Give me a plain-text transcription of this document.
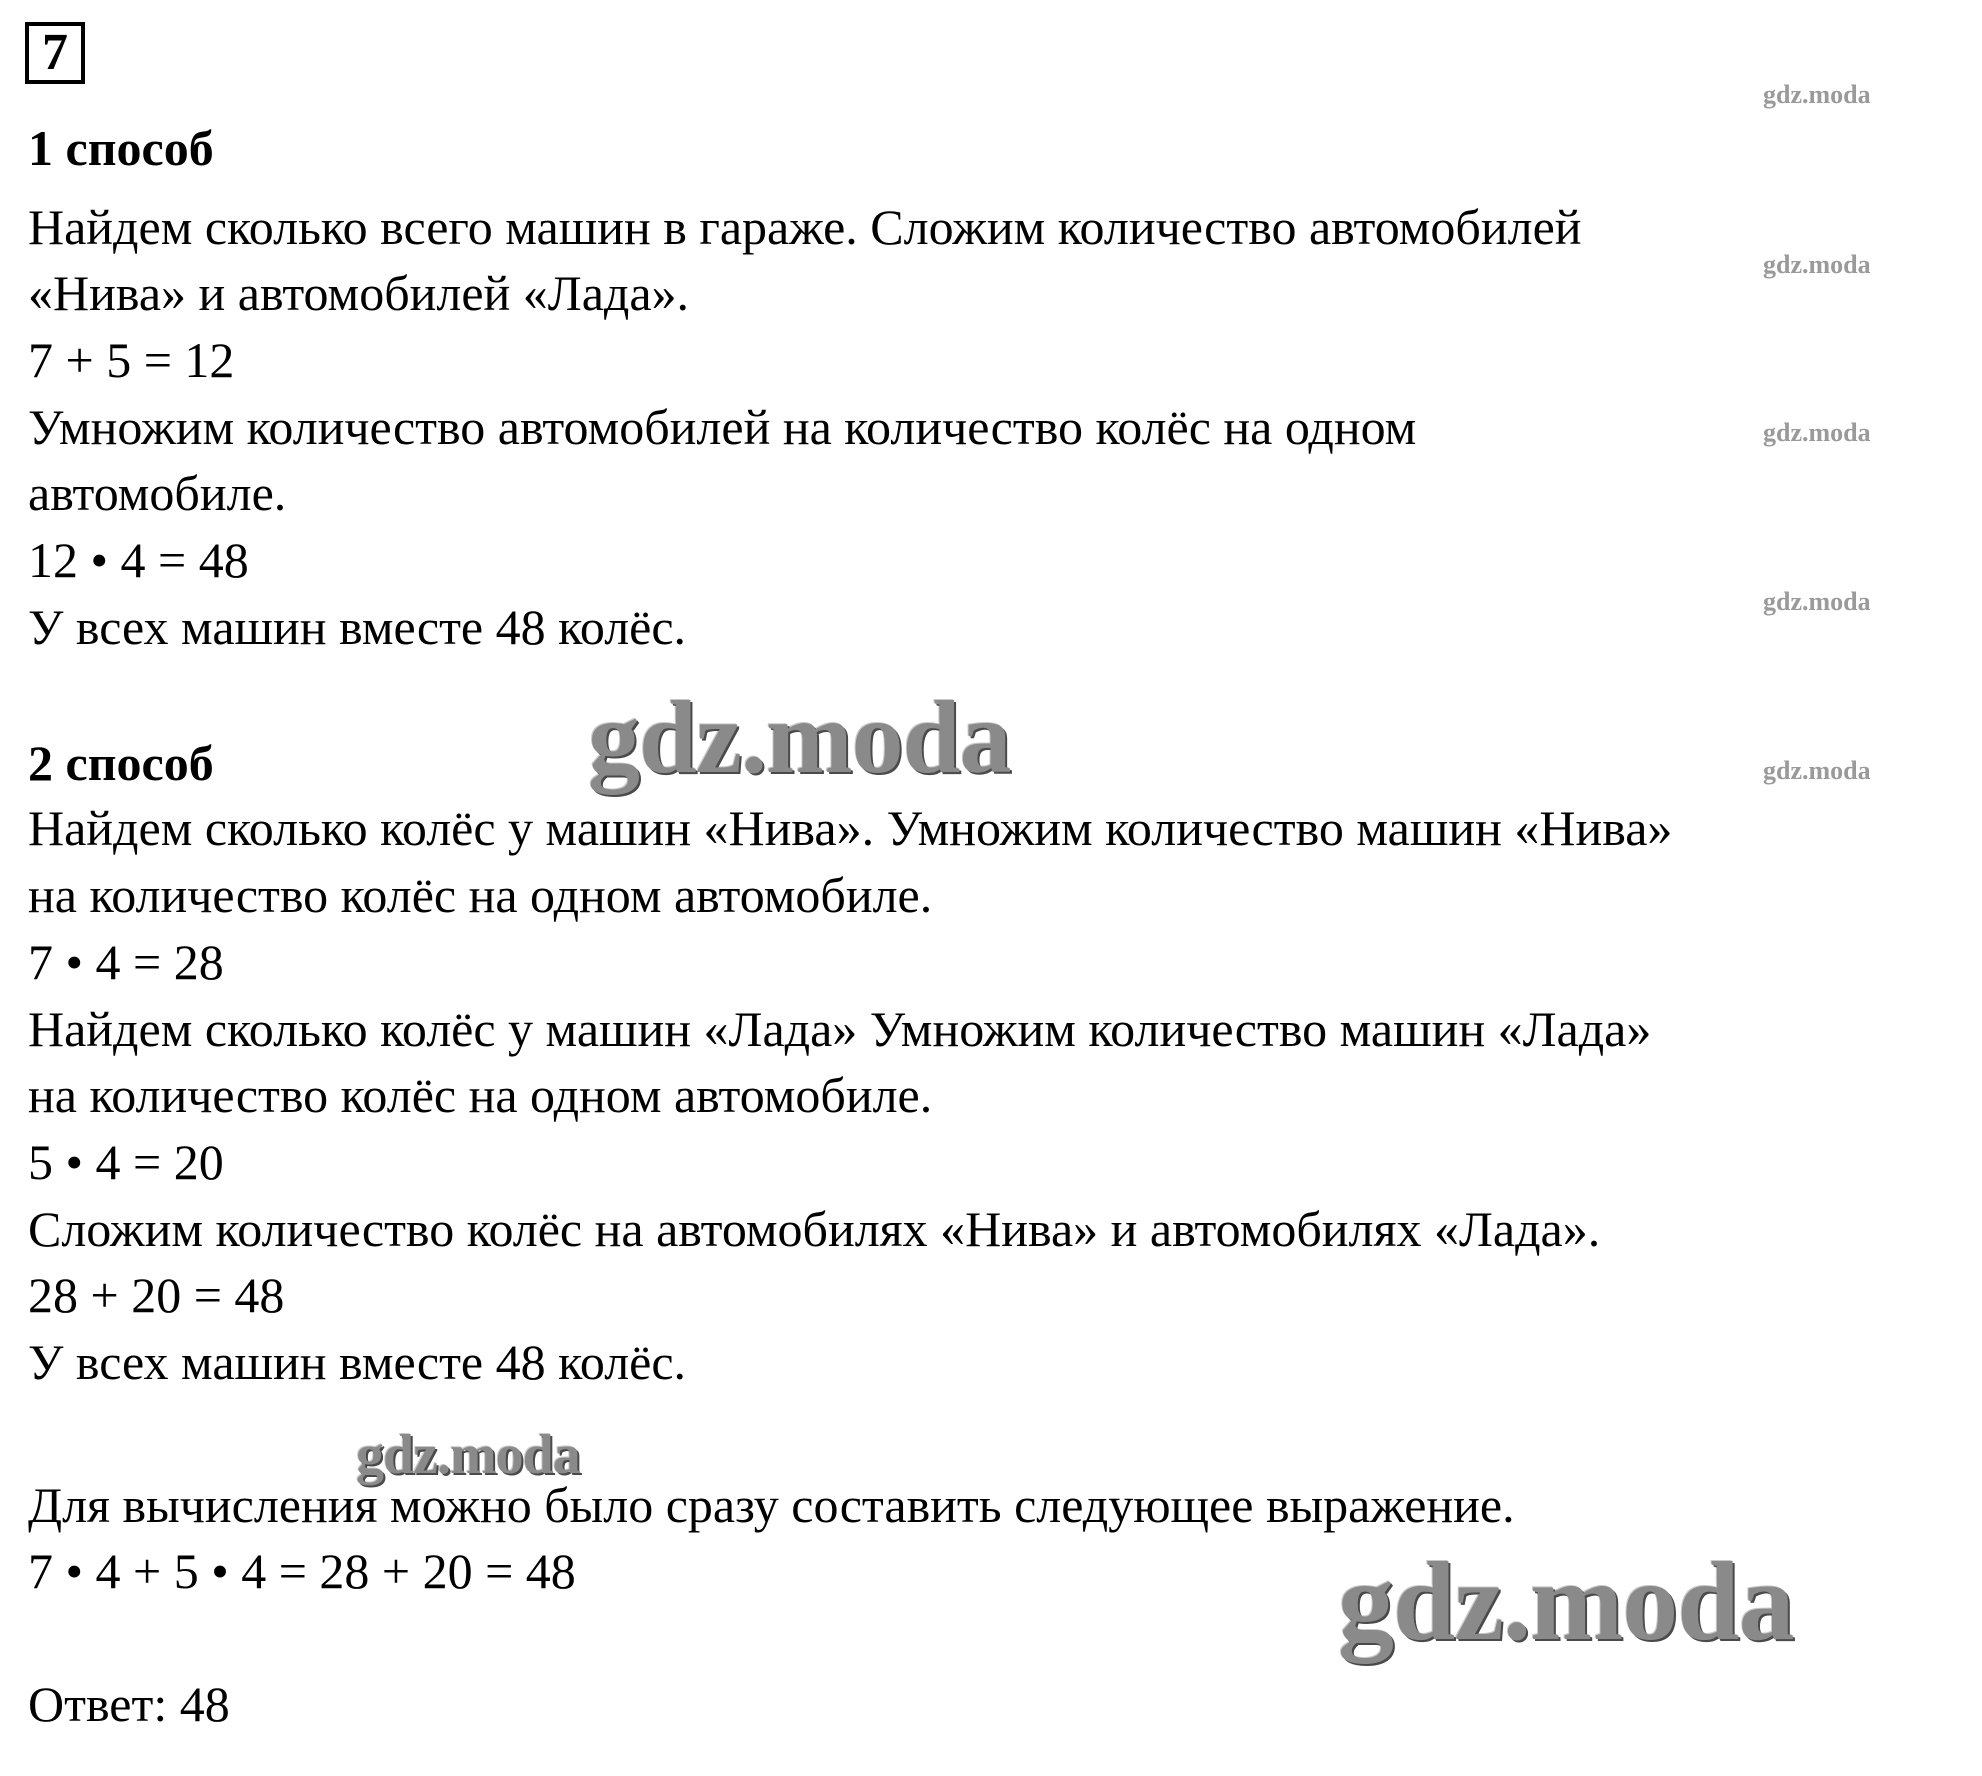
7
gdz.moda
gdz.moda
gdz.moda
gdz.moda
gdz.moda
1 способ
Найдем сколько всего машин в гараже. Сложим количество автомобилей
«Нива» и автомобилей «Лада».
7 + 5 = 12
Умножим количество автомобилей на количество колёс на одном
автомобиле.
12 • 4 = 48
У всех машин вместе 48 колёс.
gdz.moda
2 способ
Найдем сколько колёс у машин «Нива». Умножим количество машин «Нива»
на количество колёс на одном автомобиле.
7 • 4 = 28
Найдем сколько колёс у машин «Лада» Умножим количество машин «Лада»
на количество колёс на одном автомобиле.
5 • 4 = 20
Сложим количество колёс на автомобилях «Нива» и автомобилях «Лада».
28 + 20 = 48
У всех машин вместе 48 колёс.
gdz.moda
Для вычисления можно было сразу составить следующее выражение.
7 • 4 + 5 • 4 = 28 + 20 = 48	gdz.moda
Ответ: 48
